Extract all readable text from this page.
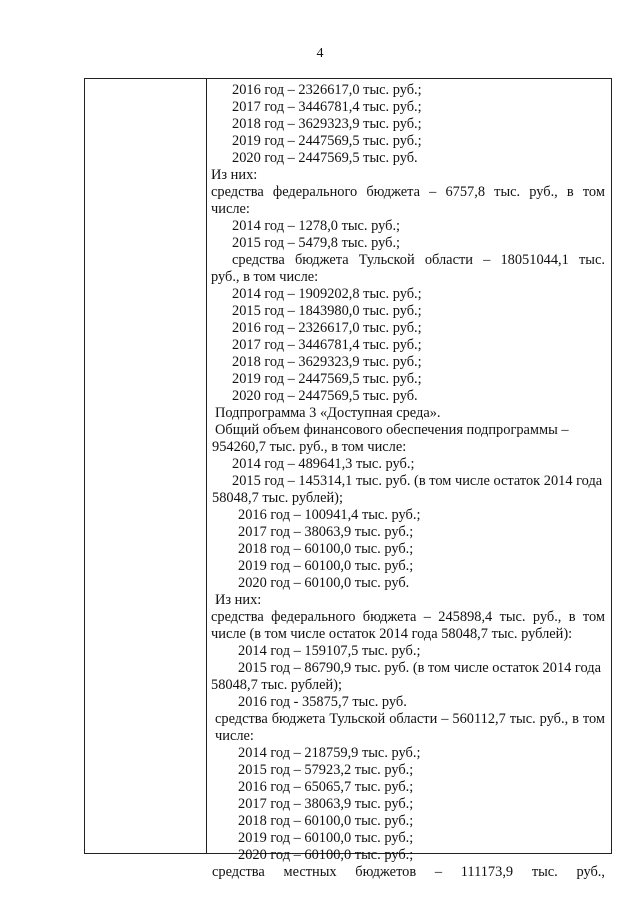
4
2016 год – 2326617,0 тыс. руб.;
2017 год – 3446781,4 тыс. руб.;
2018 год – 3629323,9 тыс. руб.;
2019 год – 2447569,5 тыс. руб.;
2020 год – 2447569,5 тыс. руб.
Из них:
средства федерального бюджета – 6757,8 тыс. руб., в том
числе:
2014 год – 1278,0 тыс. руб.;
2015 год – 5479,8 тыс. руб.;
средства бюджета Тульской области – 18051044,1 тыс.
руб., в том числе:
2014 год – 1909202,8 тыс. руб.;
2015 год – 1843980,0 тыс. руб.;
2016 год – 2326617,0 тыс. руб.;
2017 год – 3446781,4 тыс. руб.;
2018 год – 3629323,9 тыс. руб.;
2019 год – 2447569,5 тыс. руб.;
2020 год – 2447569,5 тыс. руб.
Подпрограмма 3 «Доступная среда».
Общий объем финансового обеспечения подпрограммы –
954260,7 тыс. руб., в том числе:
2014 год – 489641,3 тыс. руб.;
2015 год – 145314,1 тыс. руб. (в том числе остаток 2014 года
58048,7 тыс. рублей);
2016 год – 100941,4 тыс. руб.;
2017 год – 38063,9 тыс. руб.;
2018 год – 60100,0 тыс. руб.;
2019 год – 60100,0 тыс. руб.;
2020 год – 60100,0 тыс. руб.
Из них:
средства федерального бюджета – 245898,4 тыс. руб., в том
числе (в том числе остаток 2014 года 58048,7 тыс. рублей):
2014 год – 159107,5 тыс. руб.;
2015 год – 86790,9 тыс. руб. (в том числе остаток 2014 года
58048,7 тыс. рублей);
2016 год - 35875,7 тыс. руб.
средства бюджета Тульской области – 560112,7 тыс. руб., в том
числе:
2014 год – 218759,9 тыс. руб.;
2015 год – 57923,2 тыс. руб.;
2016 год – 65065,7 тыс. руб.;
2017 год – 38063,9 тыс. руб.;
2018 год – 60100,0 тыс. руб.;
2019 год – 60100,0 тыс. руб.;
2020 год – 60100,0 тыс. руб.;
средства местных бюджетов – 111173,9 тыс. руб.,
